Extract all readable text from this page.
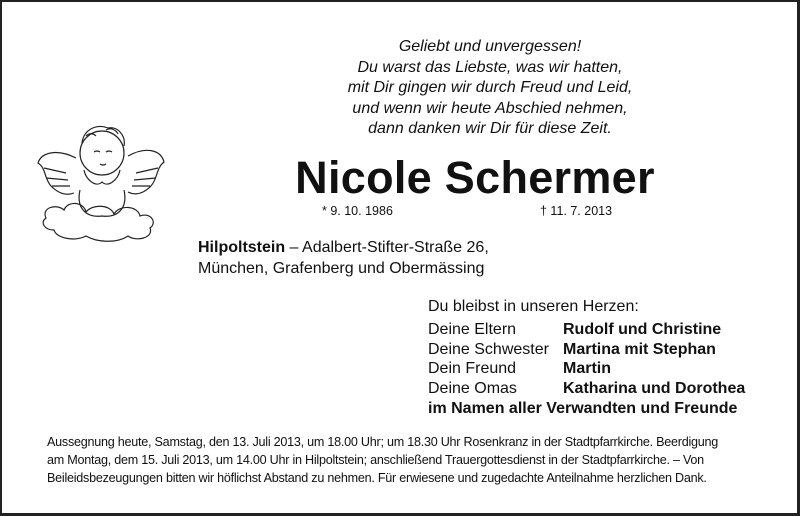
Geliebt und unvergessen!
Du warst das Liebste, was wir hatten,
mit Dir gingen wir durch Freud und Leid,
und wenn wir heute Abschied nehmen,
dann danken wir Dir für diese Zeit.
Nicole Schermer
* 9. 10. 1986	† 11. 7. 2013
Hilpoltstein – Adalbert-Stifter-Straße 26,
München, Grafenberg und Obermässing
Du bleibst in unseren Herzen:
Deine Eltern	Rudolf und Christine
Deine Schwester Martina mit Stephan
Dein Freund	Martin
Deine Omas	Katharina und Dorothea
im Namen aller Verwandten und Freunde
Aussegnung heute, Samstag, den 13. Juli 2013, um 18.00 Uhr; um 18.30 Uhr Rosenkranz in der Stadtpfarrkirche. Beerdigung
am Montag, dem 15. Juli 2013, um 14.00 Uhr in Hilpoltstein; anschließend Trauergottesdienst in der Stadtpfarrkirche. – Von
Beileidsbezeugungen bitten wir höflichst Abstand zu nehmen. Für erwiesene und zugedachte Anteilnahme herzlichen Dank.
